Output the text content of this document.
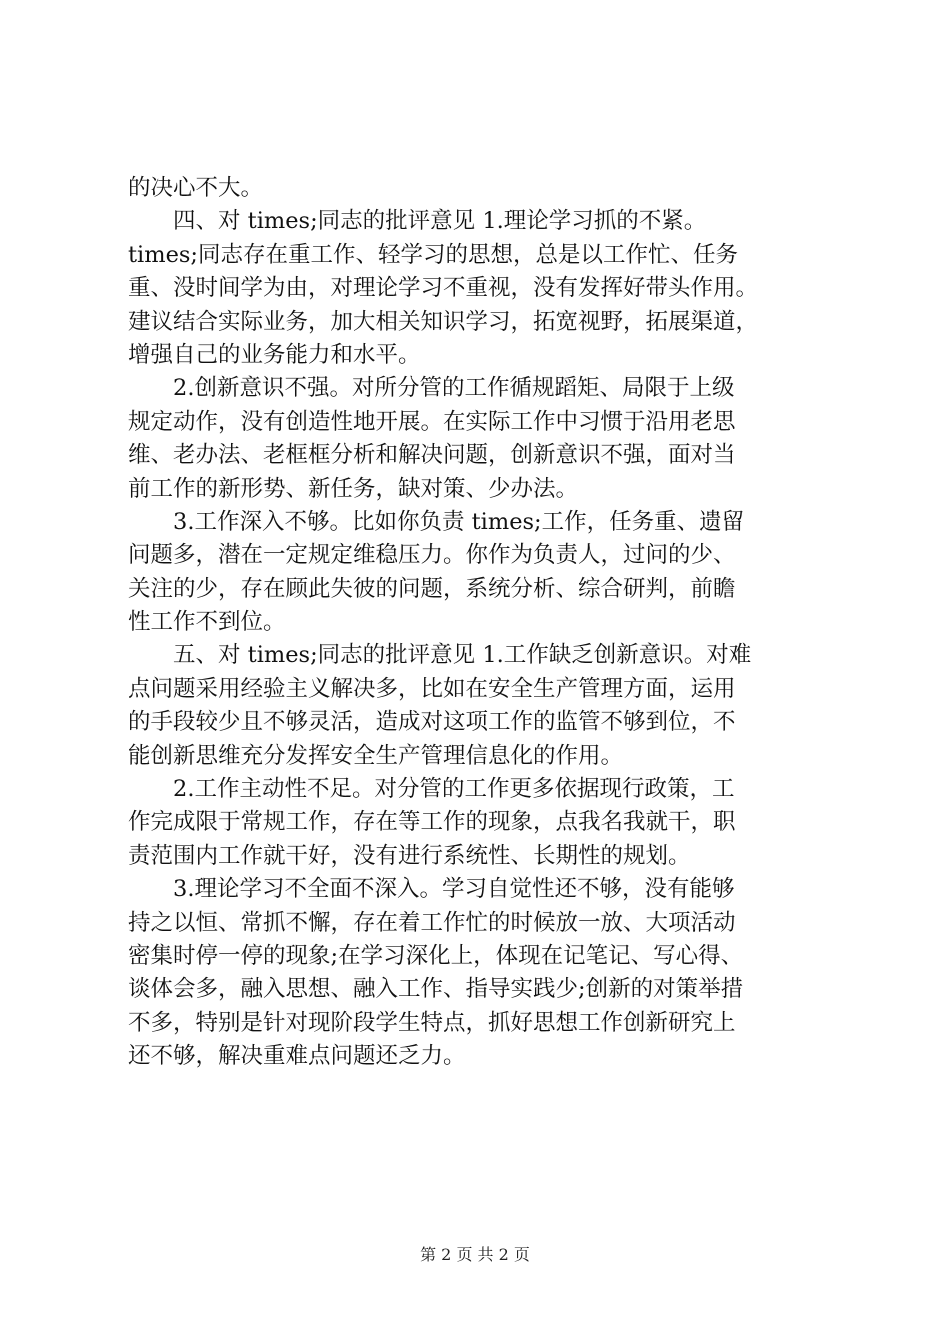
的决心不大。
　　四、对 times;同志的批评意见 1.理论学习抓的不紧。
times;同志存在重工作、轻学习的思想，总是以工作忙、任务
重、没时间学为由，对理论学习不重视，没有发挥好带头作用。
建议结合实际业务，加大相关知识学习，拓宽视野，拓展渠道，
增强自己的业务能力和水平。
　　2.创新意识不强。对所分管的工作循规蹈矩、局限于上级
规定动作，没有创造性地开展。在实际工作中习惯于沿用老思
维、老办法、老框框分析和解决问题，创新意识不强，面对当
前工作的新形势、新任务，缺对策、少办法。
　　3.工作深入不够。比如你负责 times;工作，任务重、遗留
问题多，潜在一定规定维稳压力。你作为负责人，过问的少、
关注的少，存在顾此失彼的问题，系统分析、综合研判，前瞻
性工作不到位。
　　五、对 times;同志的批评意见 1.工作缺乏创新意识。对难
点问题采用经验主义解决多，比如在安全生产管理方面，运用
的手段较少且不够灵活，造成对这项工作的监管不够到位，不
能创新思维充分发挥安全生产管理信息化的作用。
　　2.工作主动性不足。对分管的工作更多依据现行政策，工
作完成限于常规工作，存在等工作的现象，点我名我就干，职
责范围内工作就干好，没有进行系统性、长期性的规划。
　　3.理论学习不全面不深入。学习自觉性还不够，没有能够
持之以恒、常抓不懈，存在着工作忙的时候放一放、大项活动
密集时停一停的现象;在学习深化上，体现在记笔记、写心得、
谈体会多，融入思想、融入工作、指导实践少;创新的对策举措
不多，特别是针对现阶段学生特点，抓好思想工作创新研究上
还不够，解决重难点问题还乏力。
第 2 页 共 2 页
